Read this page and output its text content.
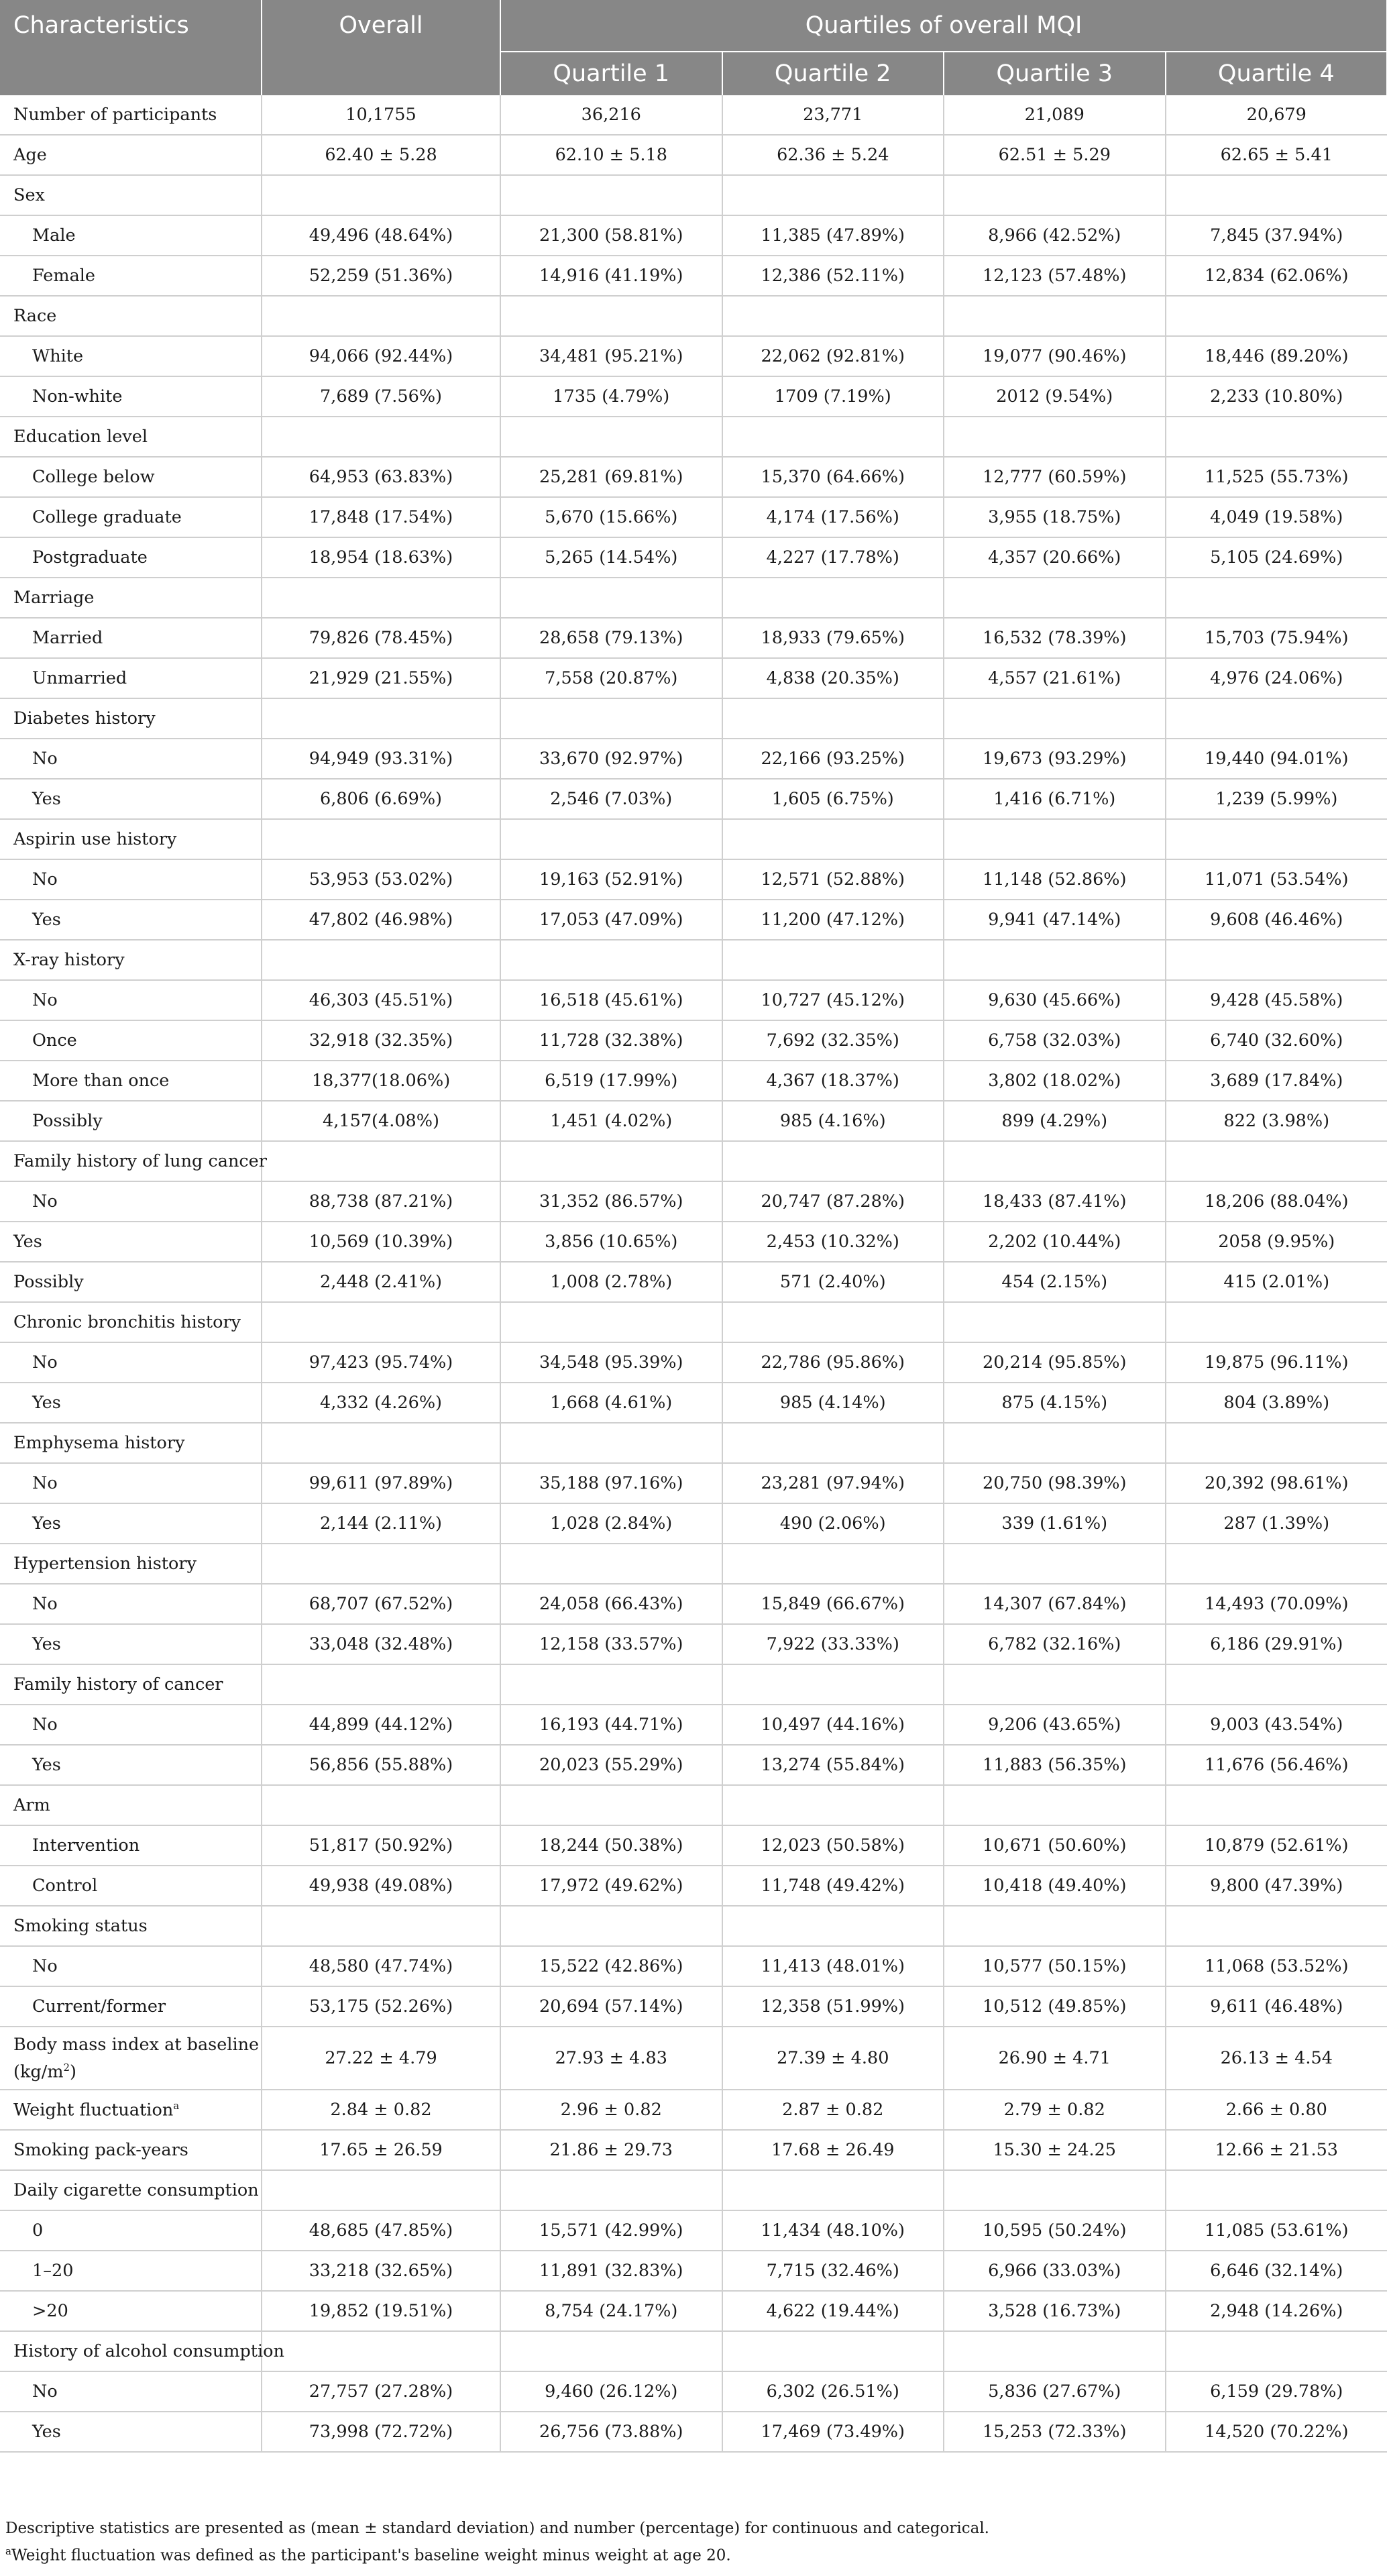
Characteristics	Overall	Quartiles of overall MQI			
		Quartile 1	Quartile 2	Quartile 3	Quartile 4
Number of participants	10,1755	36,216	23,771	21,089	20,679
Age	62.40 ± 5.28	62.10 ± 5.18	62.36 ± 5.24	62.51 ± 5.29	62.65 ± 5.41
Sex					
Male	49,496 (48.64%)	21,300 (58.81%)	11,385 (47.89%)	8,966 (42.52%)	7,845 (37.94%)
Female	52,259 (51.36%)	14,916 (41.19%)	12,386 (52.11%)	12,123 (57.48%)	12,834 (62.06%)
Race					
White	94,066 (92.44%)	34,481 (95.21%)	22,062 (92.81%)	19,077 (90.46%)	18,446 (89.20%)
Non-white	7,689 (7.56%)	1735 (4.79%)	1709 (7.19%)	2012 (9.54%)	2,233 (10.80%)
Education level					
College below	64,953 (63.83%)	25,281 (69.81%)	15,370 (64.66%)	12,777 (60.59%)	11,525 (55.73%)
College graduate	17,848 (17.54%)	5,670 (15.66%)	4,174 (17.56%)	3,955 (18.75%)	4,049 (19.58%)
Postgraduate	18,954 (18.63%)	5,265 (14.54%)	4,227 (17.78%)	4,357 (20.66%)	5,105 (24.69%)
Marriage					
Married	79,826 (78.45%)	28,658 (79.13%)	18,933 (79.65%)	16,532 (78.39%)	15,703 (75.94%)
Unmarried	21,929 (21.55%)	7,558 (20.87%)	4,838 (20.35%)	4,557 (21.61%)	4,976 (24.06%)
Diabetes history					
No	94,949 (93.31%)	33,670 (92.97%)	22,166 (93.25%)	19,673 (93.29%)	19,440 (94.01%)
Yes	6,806 (6.69%)	2,546 (7.03%)	1,605 (6.75%)	1,416 (6.71%)	1,239 (5.99%)
Aspirin use history					
No	53,953 (53.02%)	19,163 (52.91%)	12,571 (52.88%)	11,148 (52.86%)	11,071 (53.54%)
Yes	47,802 (46.98%)	17,053 (47.09%)	11,200 (47.12%)	9,941 (47.14%)	9,608 (46.46%)
X-ray history					
No	46,303 (45.51%)	16,518 (45.61%)	10,727 (45.12%)	9,630 (45.66%)	9,428 (45.58%)
Once	32,918 (32.35%)	11,728 (32.38%)	7,692 (32.35%)	6,758 (32.03%)	6,740 (32.60%)
More than once	18,377(18.06%)	6,519 (17.99%)	4,367 (18.37%)	3,802 (18.02%)	3,689 (17.84%)
Possibly	4,157(4.08%)	1,451 (4.02%)	985 (4.16%)	899 (4.29%)	822 (3.98%)
Family history of lung cancer					
No	88,738 (87.21%)	31,352 (86.57%)	20,747 (87.28%)	18,433 (87.41%)	18,206 (88.04%)
Yes	10,569 (10.39%)	3,856 (10.65%)	2,453 (10.32%)	2,202 (10.44%)	2058 (9.95%)
Possibly	2,448 (2.41%)	1,008 (2.78%)	571 (2.40%)	454 (2.15%)	415 (2.01%)
Chronic bronchitis history					
No	97,423 (95.74%)	34,548 (95.39%)	22,786 (95.86%)	20,214 (95.85%)	19,875 (96.11%)
Yes	4,332 (4.26%)	1,668 (4.61%)	985 (4.14%)	875 (4.15%)	804 (3.89%)
Emphysema history					
No	99,611 (97.89%)	35,188 (97.16%)	23,281 (97.94%)	20,750 (98.39%)	20,392 (98.61%)
Yes	2,144 (2.11%)	1,028 (2.84%)	490 (2.06%)	339 (1.61%)	287 (1.39%)
Hypertension history					
No	68,707 (67.52%)	24,058 (66.43%)	15,849 (66.67%)	14,307 (67.84%)	14,493 (70.09%)
Yes	33,048 (32.48%)	12,158 (33.57%)	7,922 (33.33%)	6,782 (32.16%)	6,186 (29.91%)
Family history of cancer					
No	44,899 (44.12%)	16,193 (44.71%)	10,497 (44.16%)	9,206 (43.65%)	9,003 (43.54%)
Yes	56,856 (55.88%)	20,023 (55.29%)	13,274 (55.84%)	11,883 (56.35%)	11,676 (56.46%)
Arm					
Intervention	51,817 (50.92%)	18,244 (50.38%)	12,023 (50.58%)	10,671 (50.60%)	10,879 (52.61%)
Control	49,938 (49.08%)	17,972 (49.62%)	11,748 (49.42%)	10,418 (49.40%)	9,800 (47.39%)
Smoking status					
No	48,580 (47.74%)	15,522 (42.86%)	11,413 (48.01%)	10,577 (50.15%)	11,068 (53.52%)
Current/former	53,175 (52.26%)	20,694 (57.14%)	12,358 (51.99%)	10,512 (49.85%)	9,611 (46.48%)

Body mass index at baseline
$(kg/m^2)$	27.22 ± 4.79	27.93 ± 4.83	27.39 ± 4.80	26.90 ± 4.71	26.13 ± 4.54
Weight fluctuation$^a$	2.84 ± 0.82	2.96 ± 0.82	2.87 ± 0.82	2.79 ± 0.82	2.66 ± 0.80
Smoking pack-years	17.65 ± 26.59	21.86 ± 29.73	17.68 ± 26.49	15.30 ± 24.25	12.66 ± 21.53
Daily cigarette consumption					
0	48,685 (47.85%)	15,571 (42.99%)	11,434 (48.10%)	10,595 (50.24%)	11,085 (53.61%)
1–20	33,218 (32.65%)	11,891 (32.83%)	7,715 (32.46%)	6,966 (33.03%)	6,646 (32.14%)
>20	19,852 (19.51%)	8,754 (24.17%)	4,622 (19.44%)	3,528 (16.73%)	2,948 (14.26%)
History of alcohol consumption					
No	27,757 (27.28%)	9,460 (26.12%)	6,302 (26.51%)	5,836 (27.67%)	6,159 (29.78%)
Yes	73,998 (72.72%)	26,756 (73.88%)	17,469 (73.49%)	15,253 (72.33%)	14,520 (70.22%)

Descriptive statistics are presented as (mean ± standard deviation) and number (percentage) for continuous and categorical.

$^a$Weight fluctuation was defined as the participant's baseline weight minus weight at age 20.
